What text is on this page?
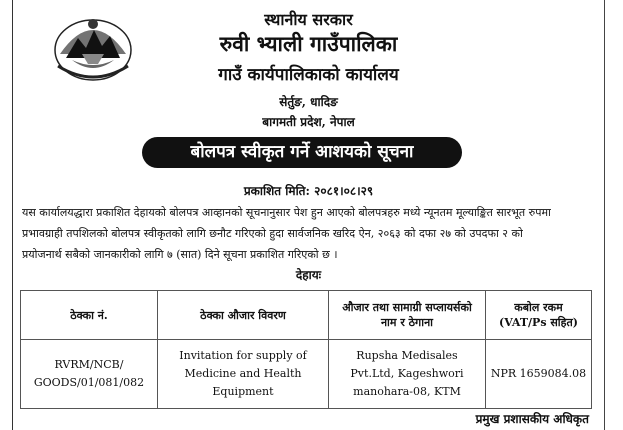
स्थानीय सरकार
रुवी भ्याली गाउँपालिका
गाउँ कार्यपालिकाको कार्यालय
सेर्तुङ, धादिङ
बागमती प्रदेश, नेपाल
बोलपत्र स्वीकृत गर्ने आशयको सूचना
प्रकाशित मिति: २०८१।०८।२९
यस कार्यालयद्धारा प्रकाशित देहायको बोलपत्र आव्हानको सूचनानुसार पेश हुन आएको बोलपत्रहरु मध्ये न्यूनतम मूल्याङ्कित सारभूत रुपमा
प्रभावग्राही तपशिलको बोलपत्र स्वीकृतको लागि छनौट गरिएको हुदा सार्वजनिक खरिद ऐन, २०६३ को दफा २७ को उपदफा २ को
प्रयोजनार्थ सबैको जानकारीको लागि ७ (सात) दिने सूचना प्रकाशित गरिएको छ ।
देहायः
ठेक्का नं.	ठेक्का औजार विवरण	औजार तथा सामाग्री सप्लायर्सको नाम र ठेगाना	कबोल रकम (VAT/Ps सहित)
RVRM/NCB/ GOODS/01/081/082	Invitation for supply of Medicine and Health Equipment	Rupsha Medisales Pvt.Ltd, Kageshwori manohara-08, KTM	NPR 1659084.08
प्रमुख प्रशासकीय अधिकृत
